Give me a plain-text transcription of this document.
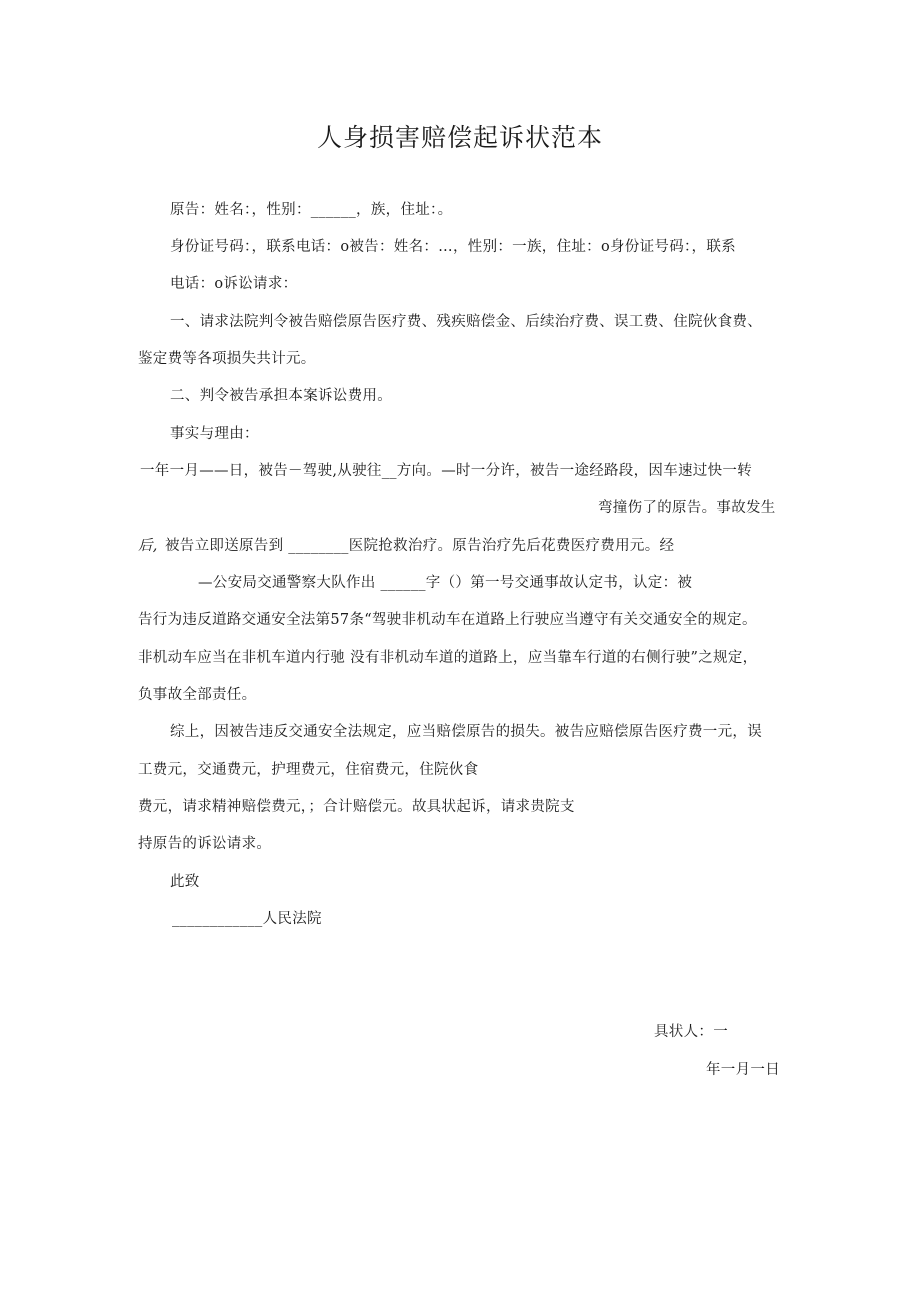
人身损害赔偿起诉状范本
原告：姓名：，性别：______，族，住址：。
身份证号码：，联系电话：o被告：姓名：…，性别：一族，住址：o身份证号码：，联系
电话：o诉讼请求：
一、请求法院判令被告赔偿原告医疗费、残疾赔偿金、后续治疗费、误工费、住院伙食费、
鉴定费等各项损失共计元。
二、判令被告承担本案诉讼费用。
事实与理由：
一年一月——日，被告－驾驶,从驶往__方向。—时一分许，被告一途经路段，因车速过快一转
弯撞伤了的原告。事故发生
后, 被告立即送原告到 ________医院抢救治疗。原告治疗先后花费医疗费用元。经
—公安局交通警察大队作出 ______字（）第一号交通事故认定书，认定：被
告行为违反道路交通安全法第57条“驾驶非机动车在道路上行驶应当遵守有关交通安全的规定。
非机动车应当在非机车道内行驰 没有非机动车道的道路上，应当靠车行道的右侧行驶”之规定，
负事故全部责任。
综上，因被告违反交通安全法规定，应当赔偿原告的损失。被告应赔偿原告医疗费一元，误
工费元，交通费元，护理费元，住宿费元，住院伙食
费元，请求精神赔偿费元，；合计赔偿元。故具状起诉，请求贵院支
持原告的诉讼请求。
此致
____________人民法院
具状人：一
年一月一日
